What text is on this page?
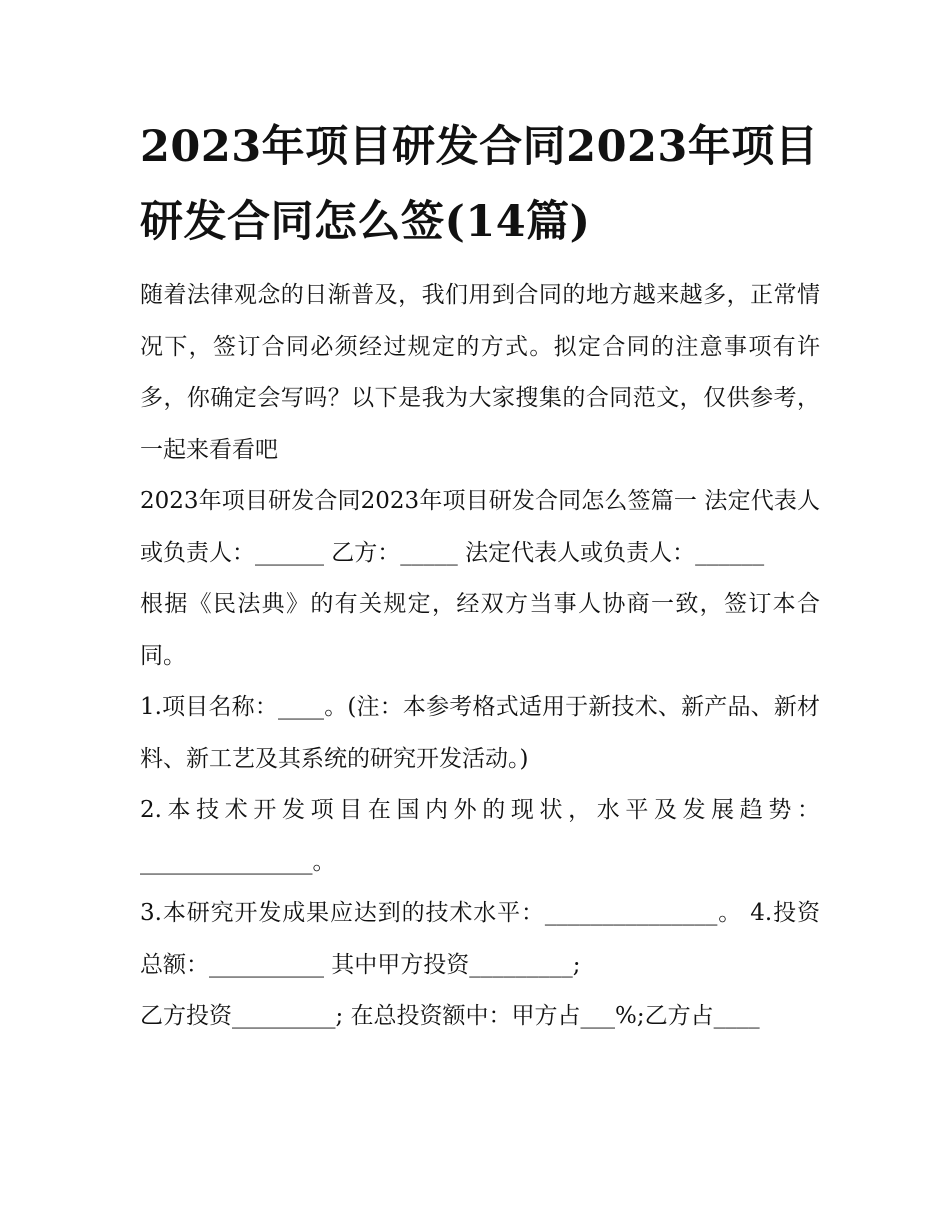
2023年项目研发合同2023年项目研发合同怎么签(14篇)

随着法律观念的日渐普及，我们用到合同的地方越来越多，正常情况下，签订合同必须经过规定的方式。拟定合同的注意事项有许多，你确定会写吗？以下是我为大家搜集的合同范文，仅供参考，一起来看看吧

2023年项目研发合同2023年项目研发合同怎么签篇一 法定代表人或负责人：______ 乙方：_____ 法定代表人或负责人：______

根据《民法典》的有关规定，经双方当事人协商一致，签订本合同。

1.项目名称：____。(注：本参考格式适用于新技术、新产品、新材料、新工艺及其系统的研究开发活动。)

2.本技术开发项目在国内外的现状，水平及发展趋势：_______________。

3.本研究开发成果应达到的技术水平：_______________。 4.投资总额：__________ 其中甲方投资_________;

乙方投资_________; 在总投资额中：甲方占___%;乙方占____
